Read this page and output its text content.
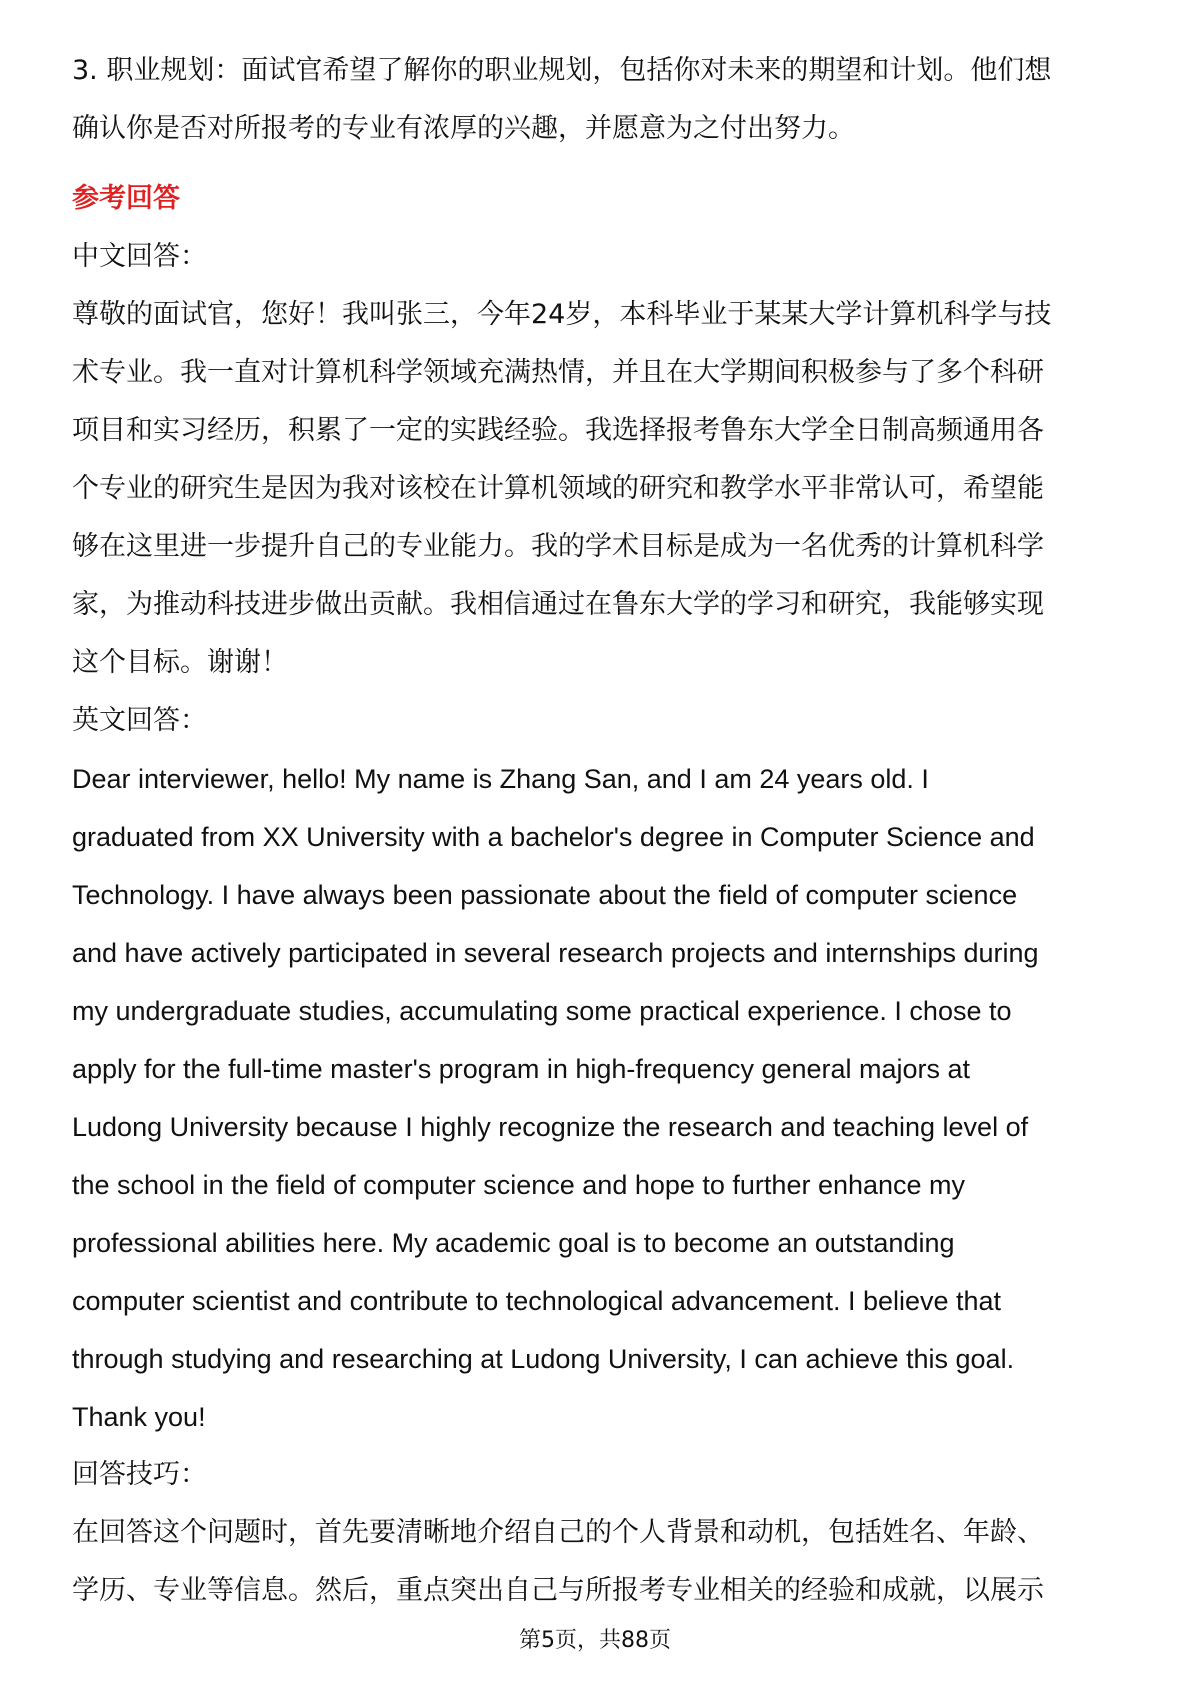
3. 职业规划：面试官希望了解你的职业规划，包括你对未来的期望和计划。他们想
确认你是否对所报考的专业有浓厚的兴趣，并愿意为之付出努力。
参考回答
中文回答：
尊敬的面试官，您好！我叫张三，今年24岁，本科毕业于某某大学计算机科学与技
术专业。我一直对计算机科学领域充满热情，并且在大学期间积极参与了多个科研
项目和实习经历，积累了一定的实践经验。我选择报考鲁东大学全日制高频通用各
个专业的研究生是因为我对该校在计算机领域的研究和教学水平非常认可，希望能
够在这里进一步提升自己的专业能力。我的学术目标是成为一名优秀的计算机科学
家，为推动科技进步做出贡献。我相信通过在鲁东大学的学习和研究，我能够实现
这个目标。谢谢！
英文回答：
Dear interviewer, hello! My name is Zhang San, and I am 24 years old. I
graduated from XX University with a bachelor's degree in Computer Science and
Technology. I have always been passionate about the field of computer science
and have actively participated in several research projects and internships during
my undergraduate studies, accumulating some practical experience. I chose to
apply for the full-time master's program in high-frequency general majors at
Ludong University because I highly recognize the research and teaching level of
the school in the field of computer science and hope to further enhance my
professional abilities here. My academic goal is to become an outstanding
computer scientist and contribute to technological advancement. I believe that
through studying and researching at Ludong University, I can achieve this goal.
Thank you!
回答技巧：
在回答这个问题时，首先要清晰地介绍自己的个人背景和动机，包括姓名、年龄、
学历、专业等信息。然后，重点突出自己与所报考专业相关的经验和成就，以展示
第5页，共88页
